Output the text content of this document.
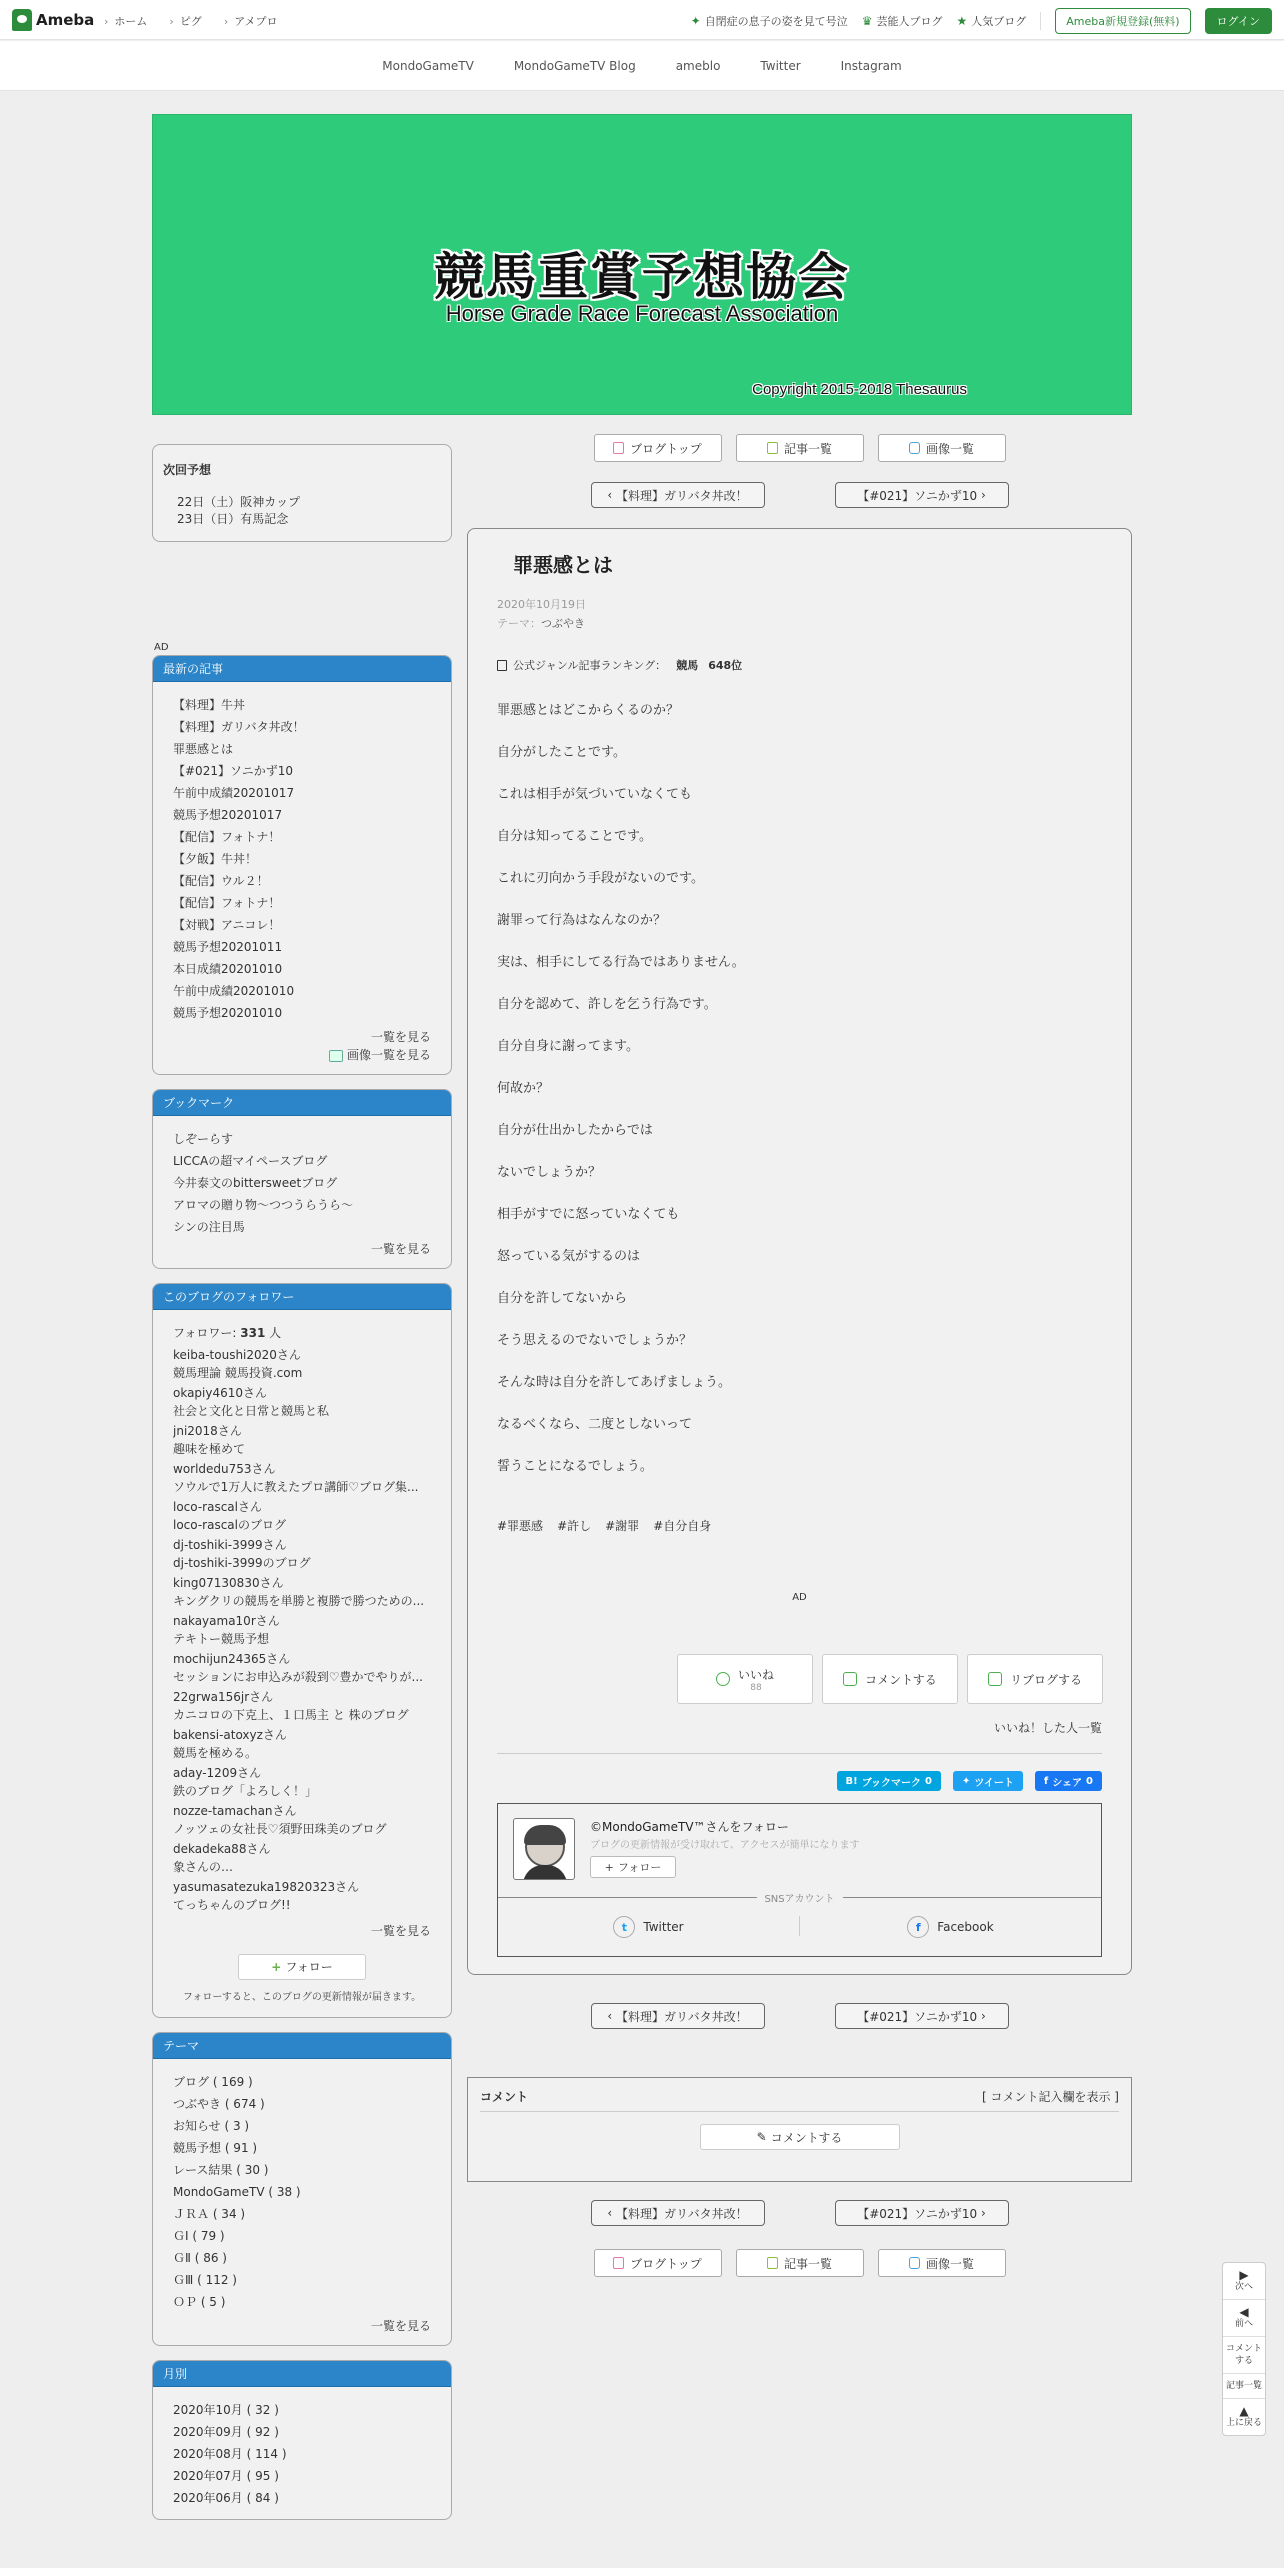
Ameba	› ホーム	› ピグ	› アメプロ	✦ 自閉症の息子の姿を見て号泣 ♛ 芸能人ブログ ★ 人気ブログ	Ameba新規登録(無料)	ログイン
MondoGameTV	MondoGameTV Blog	ameblo	Twitter	Instagram
競馬重賞予想協会
Horse Grade Race Forecast Association
Copyright 2015-2018 Thesaurus
次回予想
22日（土）阪神カップ
23日（日）有馬記念
AD
最新の記事
【料理】牛丼
【料理】ガリバタ丼改！
罪悪感とは
【#021】ソニかず10
午前中成績20201017
競馬予想20201017
【配信】フォトナ！
【夕飯】牛丼！
【配信】ウル２！
【配信】フォトナ！
【対戦】アニコレ！
競馬予想20201011
本日成績20201010
午前中成績20201010
競馬予想20201010
一覧を見る
画像一覧を見る
ブックマーク
しぞーらす
LICCAの超マイペースブログ
今井泰文のbittersweetブログ
アロマの贈り物～つつうらうら～
シンの注目馬
一覧を見る
このブログのフォロワー
フォロワー: 331 人
keiba-toushi2020さん
競馬理論 競馬投資.com
okapiy4610さん
社会と文化と日常と競馬と私
jni2018さん
趣味を極めて
worldedu753さん
ソウルで1万人に教えたプロ講師♡ブログ集...
loco-rascalさん
loco-rascalのブログ
dj-toshiki-3999さん
dj-toshiki-3999のブログ
king07130830さん
キングクリの競馬を単勝と複勝で勝つための...
nakayama10rさん
テキトー競馬予想
mochijun24365さん
セッションにお申込みが殺到♡豊かでやりが...
22grwa156jrさん
カニコロの下克上、１口馬主 と 株のブログ
bakensi-atoxyzさん
競馬を極める。
aday-1209さん
鉄のブログ「よろしく！」
nozze-tamachanさん
ノッツェの女社長♡須野田珠美のブログ
dekadeka88さん
象さんの…
yasumasatezuka19820323さん
てっちゃんのブログ!!
一覧を見る
+ フォロー
フォローすると、このブログの更新情報が届きます。
テーマ
ブログ ( 169 )
つぶやき ( 674 )
お知らせ ( 3 )
競馬予想 ( 91 )
レース結果 ( 30 )
MondoGameTV ( 38 )
ＪＲＡ ( 34 )
ＧⅠ ( 79 )
ＧⅡ ( 86 )
ＧⅢ ( 112 )
ＯＰ ( 5 )
一覧を見る
月別
2020年10月 ( 32 )
2020年09月 ( 92 )
2020年08月 ( 114 )
2020年07月 ( 95 )
2020年06月 ( 84 )
ブログトップ	記事一覧	画像一覧
‹ 【料理】ガリバタ丼改！	【#021】ソニかず10 ›
罪悪感とは
2020年10月19日
テーマ：つぶやき
公式ジャンル記事ランキング： 競馬 648位

罪悪感とはどこからくるのか？

自分がしたことです。

これは相手が気づいていなくても

自分は知ってることです。

これに刃向かう手段がないのです。

謝罪って行為はなんなのか？

実は、相手にしてる行為ではありません。

自分を認めて、許しを乞う行為です。

自分自身に謝ってます。

何故か？

自分が仕出かしたからでは

ないでしょうか？

相手がすでに怒っていなくても

怒っている気がするのは

自分を許してないから

そう思えるのでないでしょうか？

そんな時は自分を許してあげましょう。

なるべくなら、二度としないって

誓うことになるでしょう。

#罪悪感 #許し #謝罪 #自分自身
AD
いいね
88
コメントする	リブログする
いいね！した人一覧
B! ブックマーク 0	✦ ツイート	f シェア 0
©MondoGameTV™さんをフォロー
ブログの更新情報が受け取れて、アクセスが簡単になります
+ フォロー
SNSアカウント
t	Twitter	f	Facebook
‹ 【料理】ガリバタ丼改！	【#021】ソニかず10 ›
コメント	[ コメント記入欄を表示 ]
✎ コメントする
‹ 【料理】ガリバタ丼改！	【#021】ソニかず10 ›
ブログトップ	記事一覧	画像一覧
▶
次へ
◀
前へ
コメントする
記事一覧
▲
上に戻る
